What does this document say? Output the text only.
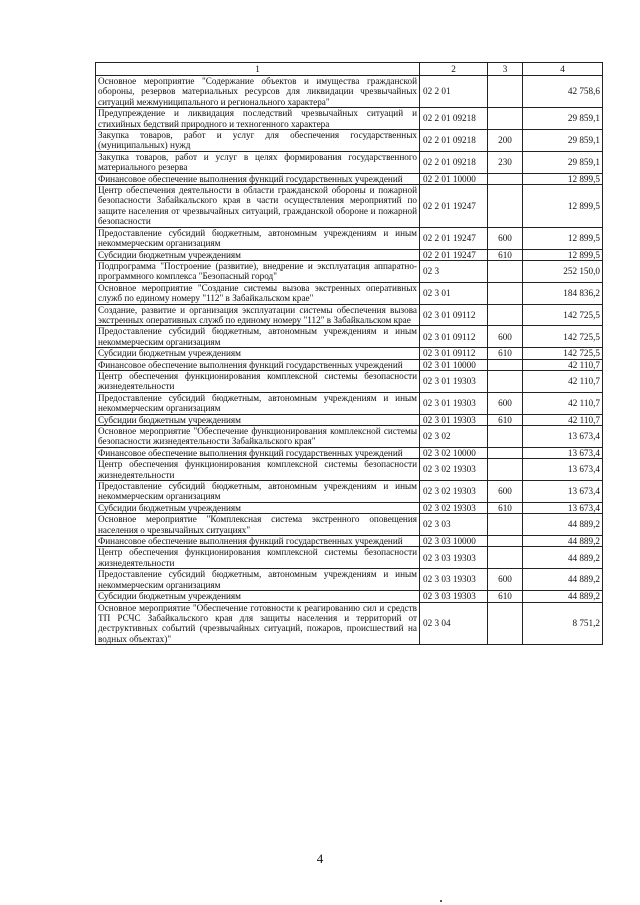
1	2	3	4
Основное мероприятие "Содержание объектов и имущества гражданской обороны, резервов материальных ресурсов для ликвидации чрезвычайных ситуаций межмуниципального и регионального характера"	02 2 01		42 758,6
Предупреждение и ликвидация последствий чрезвычайных ситуаций и стихийных бедствий природного и техногенного характера	02 2 01 09218		29 859,1
Закупка товаров, работ и услуг для обеспечения государственных (муниципальных) нужд	02 2 01 09218	200	29 859,1
Закупка товаров, работ и услуг в целях формирования государственного материального резерва	02 2 01 09218	230	29 859,1
Финансовое обеспечение выполнения функций государственных учреждений	02 2 01 10000		12 899,5
Центр обеспечения деятельности в области гражданской обороны и пожарной безопасности Забайкальского края в части осуществления мероприятий по защите населения от чрезвычайных ситуаций, гражданской обороне и пожарной безопасности	02 2 01 19247		12 899,5
Предоставление субсидий бюджетным, автономным учреждениям и иным некоммерческим организациям	02 2 01 19247	600	12 899,5
Субсидии бюджетным учреждениям	02 2 01 19247	610	12 899,5
Подпрограмма "Построение (развитие), внедрение и эксплуатация аппаратно-программного комплекса "Безопасный город"	02 3		252 150,0
Основное мероприятие "Создание системы вызова экстренных оперативных служб по единому номеру "112" в Забайкальском крае"	02 3 01		184 836,2
Создание, развитие и организация эксплуатации системы обеспечения вызова экстренных оперативных служб по единому номеру "112" в Забайкальском крае	02 3 01 09112		142 725,5
Предоставление субсидий бюджетным, автономным учреждениям и иным некоммерческим организациям	02 3 01 09112	600	142 725,5
Субсидии бюджетным учреждениям	02 3 01 09112	610	142 725,5
Финансовое обеспечение выполнения функций государственных учреждений	02 3 01 10000		42 110,7
Центр обеспечения функционирования комплексной системы безопасности жизнедеятельности	02 3 01 19303		42 110,7
Предоставление субсидий бюджетным, автономным учреждениям и иным некоммерческим организациям	02 3 01 19303	600	42 110,7
Субсидии бюджетным учреждениям	02 3 01 19303	610	42 110,7
Основное мероприятие "Обеспечение функционирования комплексной системы безопасности жизнедеятельности Забайкальского края"	02 3 02		13 673,4
Финансовое обеспечение выполнения функций государственных учреждений	02 3 02 10000		13 673,4
Центр обеспечения функционирования комплексной системы безопасности жизнедеятельности	02 3 02 19303		13 673,4
Предоставление субсидий бюджетным, автономным учреждениям и иным некоммерческим организациям	02 3 02 19303	600	13 673,4
Субсидии бюджетным учреждениям	02 3 02 19303	610	13 673,4
Основное мероприятие "Комплексная система экстренного оповещения населения о чрезвычайных ситуациях"	02 3 03		44 889,2
Финансовое обеспечение выполнения функций государственных учреждений	02 3 03 10000		44 889,2
Центр обеспечения функционирования комплексной системы безопасности жизнедеятельности	02 3 03 19303		44 889,2
Предоставление субсидий бюджетным, автономным учреждениям и иным некоммерческим организациям	02 3 03 19303	600	44 889,2
Субсидии бюджетным учреждениям	02 3 03 19303	610	44 889,2
Основное мероприятие "Обеспечение готовности к реагированию сил и средств ТП РСЧС Забайкальского края для защиты населения и территорий от деструктивных событий (чрезвычайных ситуаций, пожаров, происшествий на водных объектах)"	02 3 04		8 751,2
4
